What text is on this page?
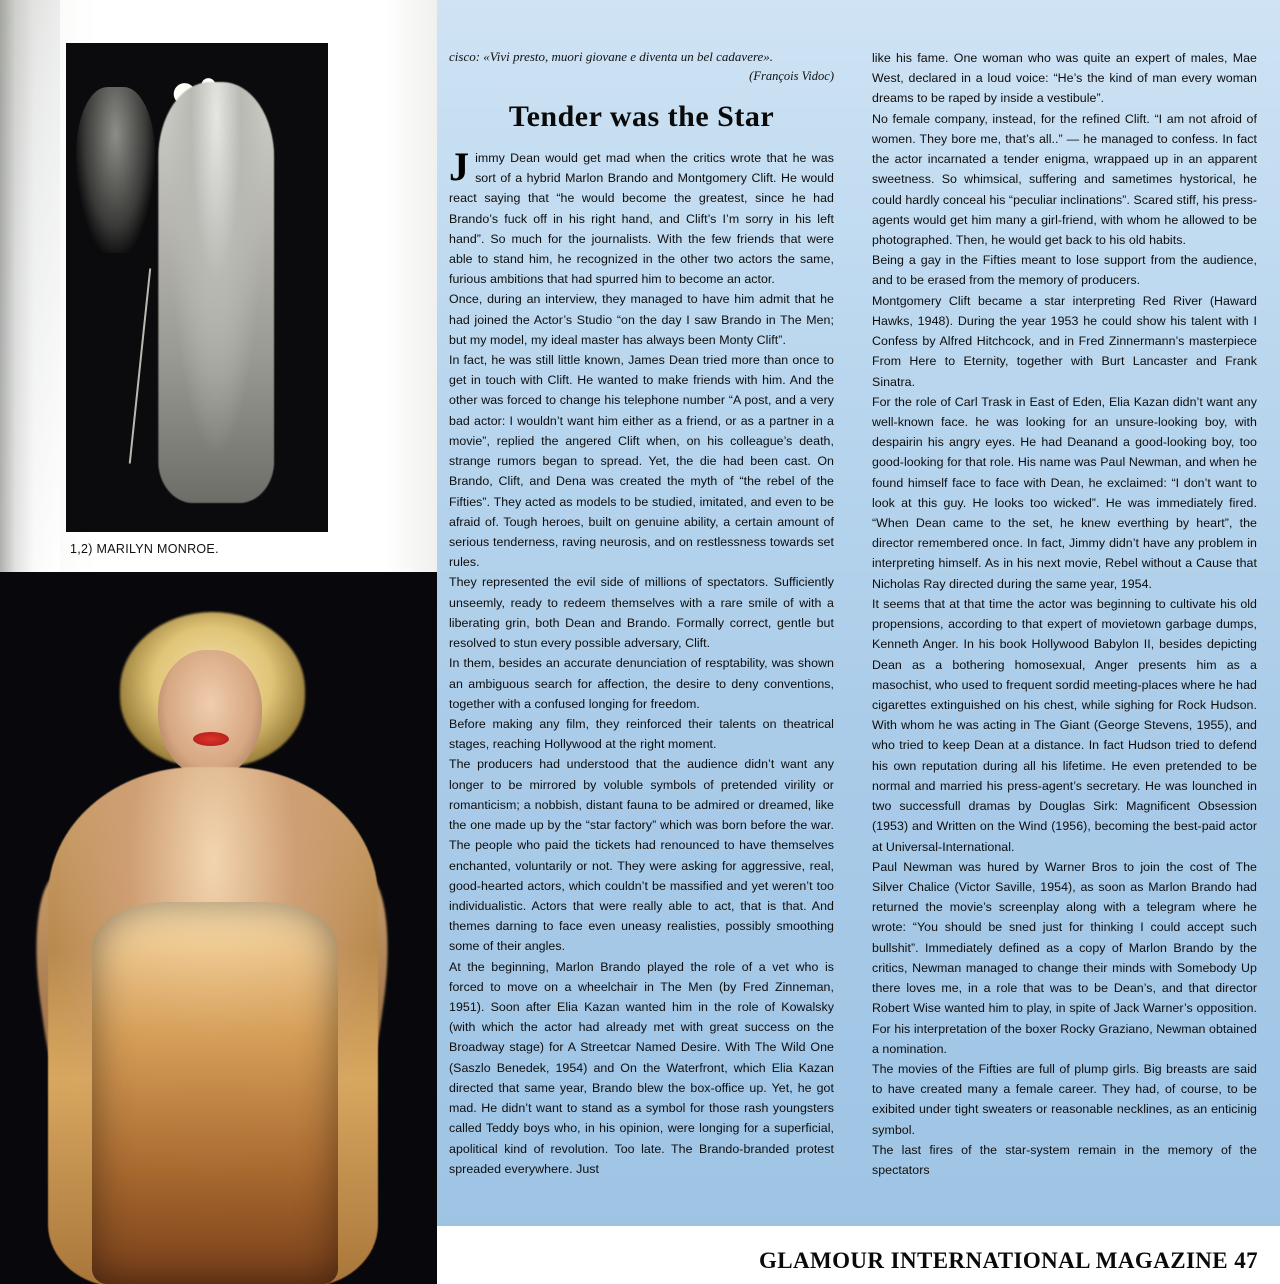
1,2) MARILYN MONROE.

cisco: «Vivi presto, muori giovane e diventa un bel cadavere».

(François Vidoc)

Tender was the Star

Jimmy Dean would get mad when the critics wrote that he was sort of a hybrid Marlon Brando and Montgomery Clift. He would react saying that “he would become the greatest, since he had Brando’s fuck off in his right hand, and Clift’s I’m sorry in his left hand”. So much for the journalists. With the few friends that were able to stand him, he recognized in the other two actors the same, furious ambitions that had spurred him to become an actor.

Once, during an interview, they managed to have him admit that he had joined the Actor’s Studio “on the day I saw Brando in The Men; but my model, my ideal master has always been Monty Clift”.

In fact, he was still little known, James Dean tried more than once to get in touch with Clift. He wanted to make friends with him. And the other was forced to change his telephone number “A post, and a very bad actor: I wouldn’t want him either as a friend, or as a partner in a movie”, replied the angered Clift when, on his colleague’s death, strange rumors began to spread. Yet, the die had been cast. On Brando, Clift, and Dena was created the myth of “the rebel of the Fifties”. They acted as models to be studied, imitated, and even to be afraid of. Tough heroes, built on genuine ability, a certain amount of serious tenderness, raving neurosis, and on restlessness towards set rules.

They represented the evil side of millions of spectators. Sufficiently unseemly, ready to redeem themselves with a rare smile of with a liberating grin, both Dean and Brando. Formally correct, gentle but resolved to stun every possible adversary, Clift.

In them, besides an accurate denunciation of resptability, was shown an ambiguous search for affection, the desire to deny conventions, together with a confused longing for freedom.

Before making any film, they reinforced their talents on theatrical stages, reaching Hollywood at the right moment.

The producers had understood that the audience didn’t want any longer to be mirrored by voluble symbols of pretended virility or romanticism; a nobbish, distant fauna to be admired or dreamed, like the one made up by the “star factory” which was born before the war. The people who paid the tickets had renounced to have themselves enchanted, voluntarily or not. They were asking for aggressive, real, good-hearted actors, which couldn’t be massified and yet weren’t too individualistic. Actors that were really able to act, that is that. And themes darning to face even uneasy realisties, possibly smoothing some of their angles.

At the beginning, Marlon Brando played the role of a vet who is forced to move on a wheelchair in The Men (by Fred Zinneman, 1951). Soon after Elia Kazan wanted him in the role of Kowalsky (with which the actor had already met with great success on the Broadway stage) for A Streetcar Named Desire. With The Wild One (Saszlo Benedek, 1954) and On the Waterfront, which Elia Kazan directed that same year, Brando blew the box-office up. Yet, he got mad. He didn’t want to stand as a symbol for those rash youngsters called Teddy boys who, in his opinion, were longing for a superficial, apolitical kind of revolution. Too late. The Brando-branded protest spreaded everywhere. Just

like his fame. One woman who was quite an expert of males, Mae West, declared in a loud voice: “He’s the kind of man every woman dreams to be raped by inside a vestibule”.

No female company, instead, for the refined Clift. “I am not afroid of women. They bore me, that’s all..” — he managed to confess. In fact the actor incarnated a tender enigma, wrappaed up in an apparent sweetness. So whimsical, suffering and sametimes hystorical, he could hardly conceal his “peculiar inclinations”. Scared stiff, his press-agents would get him many a girl-friend, with whom he allowed to be photographed. Then, he would get back to his old habits.

Being a gay in the Fifties meant to lose support from the audience, and to be erased from the memory of producers.

Montgomery Clift became a star interpreting Red River (Haward Hawks, 1948). During the year 1953 he could show his talent with I Confess by Alfred Hitchcock, and in Fred Zinnermann’s masterpiece From Here to Eternity, together with Burt Lancaster and Frank Sinatra.

For the role of Carl Trask in East of Eden, Elia Kazan didn’t want any well-known face. he was looking for an unsure-looking boy, with despairin his angry eyes. He had Deanand a good-looking boy, too good-looking for that role. His name was Paul Newman, and when he found himself face to face with Dean, he exclaimed: “I don’t want to look at this guy. He looks too wicked”. He was immediately fired. “When Dean came to the set, he knew everthing by heart”, the director remembered once. In fact, Jimmy didn’t have any problem in interpreting himself. As in his next movie, Rebel without a Cause that Nicholas Ray directed during the same year, 1954.

It seems that at that time the actor was beginning to cultivate his old propensions, according to that expert of movietown garbage dumps, Kenneth Anger. In his book Hollywood Babylon II, besides depicting Dean as a bothering homosexual, Anger presents him as a masochist, who used to frequent sordid meeting-places where he had cigarettes extinguished on his chest, while sighing for Rock Hudson. With whom he was acting in The Giant (George Stevens, 1955), and who tried to keep Dean at a distance. In fact Hudson tried to defend his own reputation during all his lifetime. He even pretended to be normal and married his press-agent’s secretary. He was lounched in two successfull dramas by Douglas Sirk: Magnificent Obsession (1953) and Written on the Wind (1956), becoming the best-paid actor at Universal-International.

Paul Newman was hured by Warner Bros to join the cost of The Silver Chalice (Victor Saville, 1954), as soon as Marlon Brando had returned the movie’s screenplay along with a telegram where he wrote: “You should be sned just for thinking I could accept such bullshit”. Immediately defined as a copy of Marlon Brando by the critics, Newman managed to change their minds with Somebody Up there loves me, in a role that was to be Dean’s, and that director Robert Wise wanted him to play, in spite of Jack Warner’s opposition. For his interpretation of the boxer Rocky Graziano, Newman obtained a nomination.

The movies of the Fifties are full of plump girls. Big breasts are said to have created many a female career. They had, of course, to be exibited under tight sweaters or reasonable necklines, as an enticinig symbol.

The last fires of the star-system remain in the memory of the spectators

GLAMOUR INTERNATIONAL MAGAZINE 47
